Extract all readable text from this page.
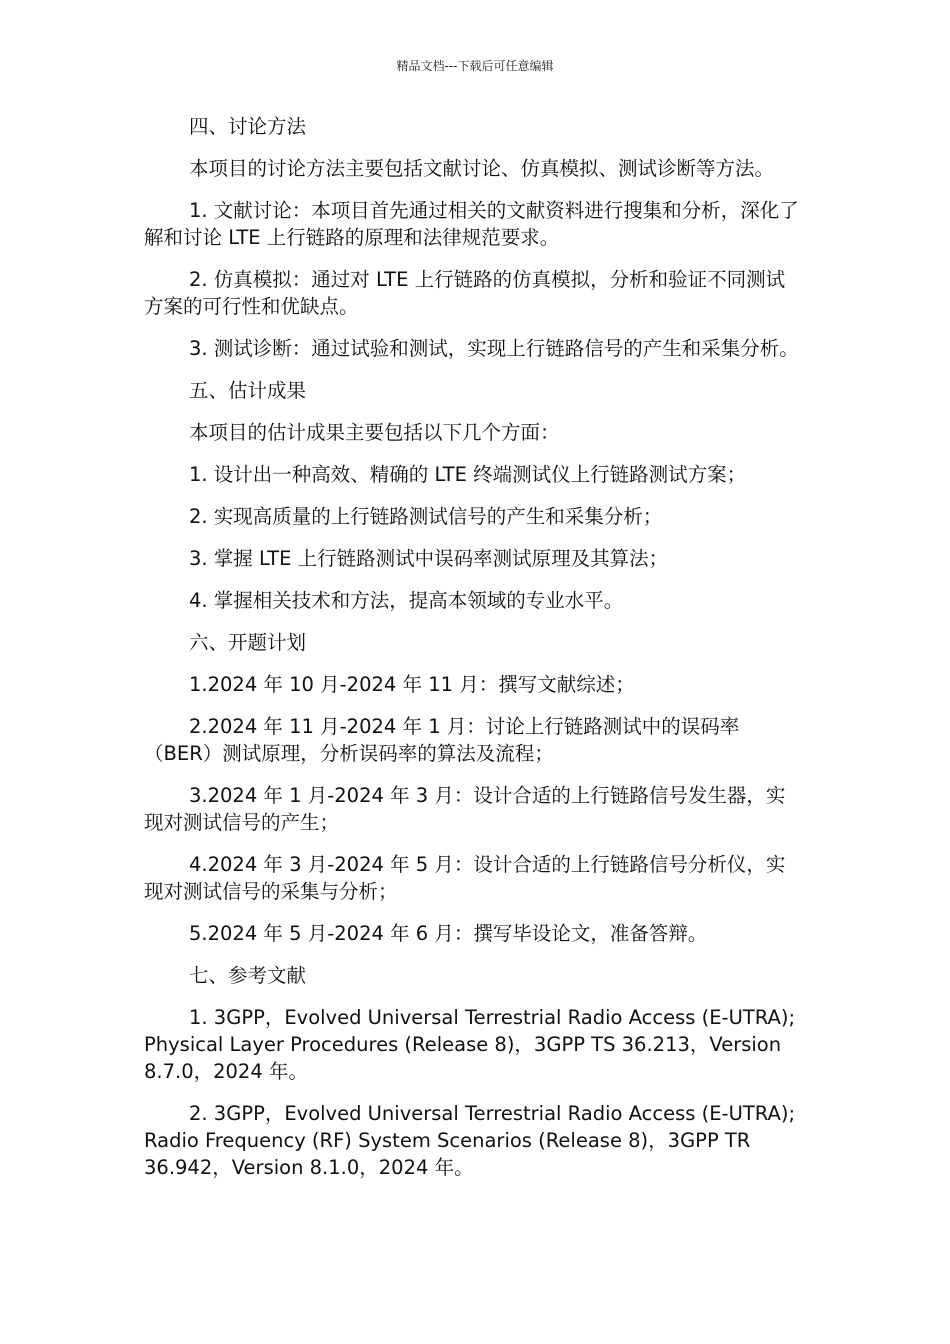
精品文档---下载后可任意编辑

四、讨论方法

本项目的讨论方法主要包括文献讨论、仿真模拟、测试诊断等方法。

1. 文献讨论：本项目首先通过相关的文献资料进行搜集和分析，深化了解和讨论 LTE 上行链路的原理和法律规范要求。

2. 仿真模拟：通过对 LTE 上行链路的仿真模拟，分析和验证不同测试方案的可行性和优缺点。

3. 测试诊断：通过试验和测试，实现上行链路信号的产生和采集分析。

五、估计成果

本项目的估计成果主要包括以下几个方面：

1. 设计出一种高效、精确的 LTE 终端测试仪上行链路测试方案；

2. 实现高质量的上行链路测试信号的产生和采集分析；

3. 掌握 LTE 上行链路测试中误码率测试原理及其算法；

4. 掌握相关技术和方法，提高本领域的专业水平。

六、开题计划

1.2024 年 10 月-2024 年 11 月：撰写文献综述；

2.2024 年 11 月-2024 年 1 月：讨论上行链路测试中的误码率（BER）测试原理，分析误码率的算法及流程；

3.2024 年 1 月-2024 年 3 月：设计合适的上行链路信号发生器，实现对测试信号的产生；

4.2024 年 3 月-2024 年 5 月：设计合适的上行链路信号分析仪，实现对测试信号的采集与分析；

5.2024 年 5 月-2024 年 6 月：撰写毕设论文，准备答辩。

七、参考文献

1. 3GPP，Evolved Universal Terrestrial Radio Access (E-UTRA); Physical Layer Procedures (Release 8)，3GPP TS 36.213，Version 8.7.0，2024 年。

2. 3GPP，Evolved Universal Terrestrial Radio Access (E-UTRA); Radio Frequency (RF) System Scenarios (Release 8)，3GPP TR 36.942，Version 8.1.0，2024 年。
